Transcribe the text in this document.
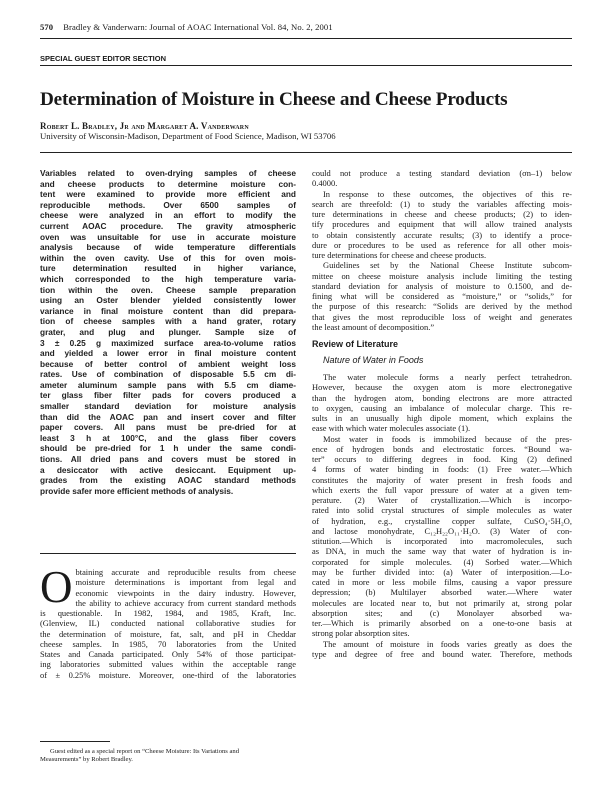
570 Bradley & Vanderwarn: Journal of AOAC International Vol. 84, No. 2, 2001
SPECIAL GUEST EDITOR SECTION
Determination of Moisture in Cheese and Cheese Products
Robert L. Bradley, Jr and Margaret A. Vanderwarn
University of Wisconsin-Madison, Department of Food Science, Madison, WI 53706
Variables related to oven-drying samples of cheese
and cheese products to determine moisture con-
tent were examined to provide more efficient and
reproducible methods. Over 6500 samples of
cheese were analyzed in an effort to modify the
current AOAC procedure. The gravity atmospheric
oven was unsuitable for use in accurate moisture
analysis because of wide temperature differentials
within the oven cavity. Use of this for oven mois-
ture determination resulted in higher variance,
which corresponded to the high temperature varia-
tion within the oven. Cheese sample preparation
using an Oster blender yielded consistently lower
variance in final moisture content than did prepara-
tion of cheese samples with a hand grater, rotary
grater, and plug and plunger. Sample size of
3 ± 0.25 g maximized surface area-to-volume ratios
and yielded a lower error in final moisture content
because of better control of ambient weight loss
rates. Use of combination of disposable 5.5 cm di-
ameter aluminum sample pans with 5.5 cm diame-
ter glass fiber filter pads for covers produced a
smaller standard deviation for moisture analysis
than did the AOAC pan and insert cover and filter
paper covers. All pans must be pre-dried for at
least 3 h at 100°C, and the glass fiber covers
should be pre-dried for 1 h under the same condi-
tions. All dried pans and covers must be stored in
a desiccator with active desiccant. Equipment up-
grades from the existing AOAC standard methods
provide safer more efficient methods of analysis.
O btaining accurate and reproducible results from cheese
moisture determinations is important from legal and
economic viewpoints in the dairy industry. However,
the ability to achieve accuracy from current standard methods
is questionable. In 1982, 1984, and 1985, Kraft, Inc.
(Glenview, IL) conducted national collaborative studies for
the determination of moisture, fat, salt, and pH in Cheddar
cheese samples. In 1985, 70 laboratories from the United
States and Canada participated. Only 54% of those participat-
ing laboratories submitted values within the acceptable range
of ± 0.25% moisture. Moreover, one-third of the laboratories
Guest edited as a special report on “Cheese Moisture: Its Variations and
Measurements” by Robert Bradley.
could not produce a testing standard deviation (σn–1) below
0.4000.
In response to these outcomes, the objectives of this re-
search are threefold: (1) to study the variables affecting mois-
ture determinations in cheese and cheese products; (2) to iden-
tify procedures and equipment that will allow trained analysts
to obtain consistently accurate results; (3) to identify a proce-
dure or procedures to be used as reference for all other mois-
ture determinations for cheese and cheese products.
Guidelines set by the National Cheese Institute subcom-
mittee on cheese moisture analysis include limiting the testing
standard deviation for analysis of moisture to 0.1500, and de-
fining what will be considered as “moisture,” or “solids,” for
the purpose of this research: “Solids are derived by the method
that gives the most reproducible loss of weight and generates
the least amount of decomposition.”
Review of Literature
Nature of Water in Foods
The water molecule forms a nearly perfect tetrahedron.
However, because the oxygen atom is more electronegative
than the hydrogen atom, bonding electrons are more attracted
to oxygen, causing an imbalance of molecular charge. This re-
sults in an unusually high dipole moment, which explains the
ease with which water molecules associate (1).
Most water in foods is immobilized because of the pres-
ence of hydrogen bonds and electrostatic forces. “Bound wa-
ter” occurs to differing degrees in food. King (2) defined
4 forms of water binding in foods: (1) Free water.—Which
constitutes the majority of water present in fresh foods and
which exerts the full vapor pressure of water at a given tem-
perature. (2) Water of crystallization.—Which is incorpo-
rated into solid crystal structures of simple molecules as water
of hydration, e.g., crystalline copper sulfate, CuSO₄·5H₂O,
and lactose monohydrate, C₁₂H₂₂O₁₁·H₂O. (3) Water of con-
stitution.—Which is incorporated into macromolecules, such
as DNA, in much the same way that water of hydration is in-
corporated for simple molecules. (4) Sorbed water.—Which
may be further divided into: (a) Water of interposition.—Lo-
cated in more or less mobile films, causing a vapor pressure
depression; (b) Multilayer absorbed water.—Where water
molecules are located near to, but not primarily at, strong polar
absorption sites; and (c) Monolayer absorbed wa-
ter.—Which is primarily absorbed on a one-to-one basis at
strong polar absorption sites.
The amount of moisture in foods varies greatly as does the
type and degree of free and bound water. Therefore, methods
